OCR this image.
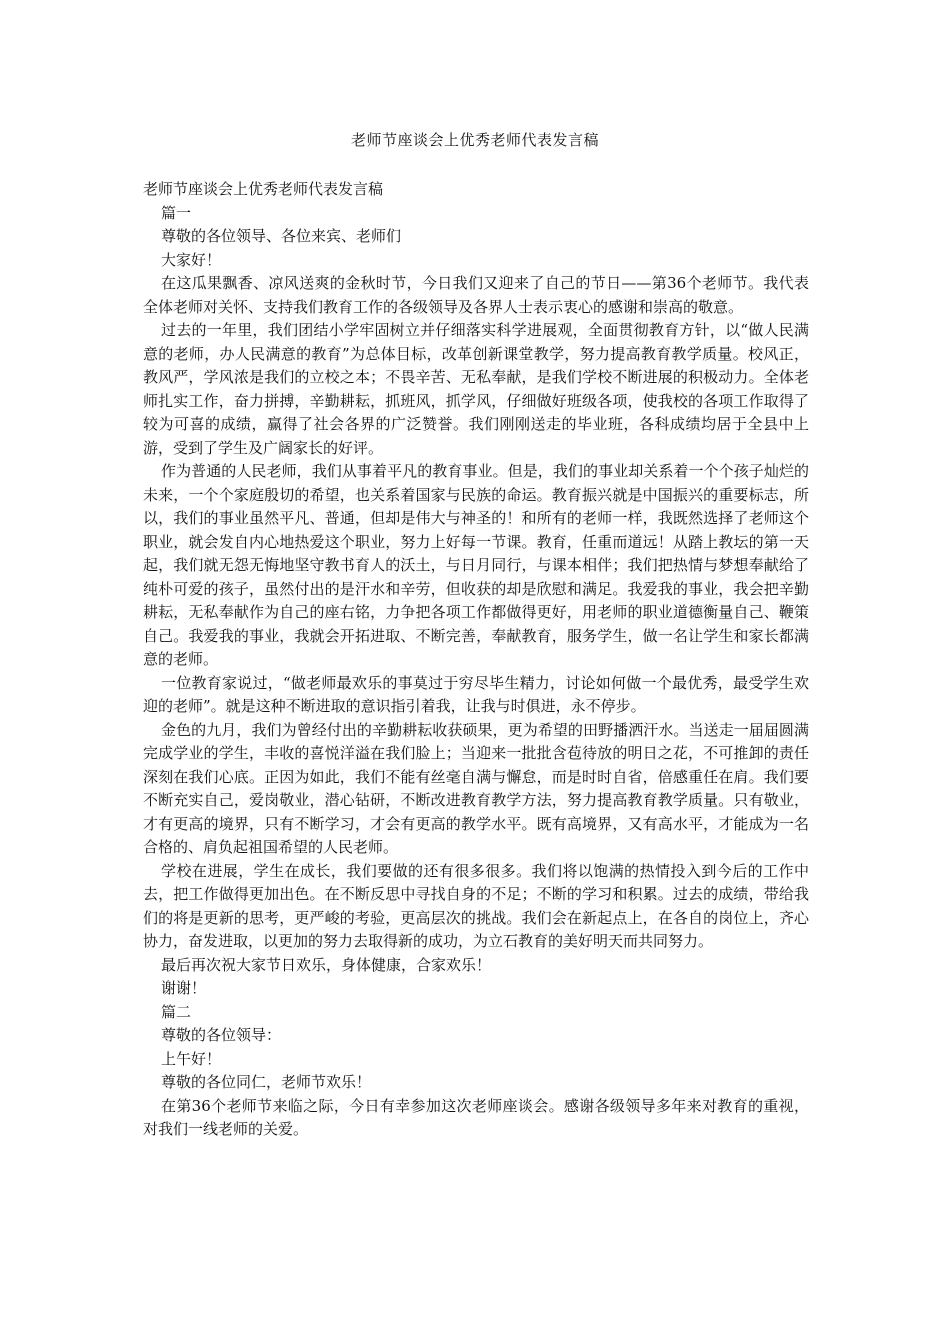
老师节座谈会上优秀老师代表发言稿

老师节座谈会上优秀老师代表发言稿

篇一

尊敬的各位领导、各位来宾、老师们

大家好！

在这瓜果飘香、凉风送爽的金秋时节，今日我们又迎来了自己的节日——第36个老师节。我代表全体老师对关怀、支持我们教育工作的各级领导及各界人士表示衷心的感谢和崇高的敬意。

过去的一年里，我们团结小学牢固树立并仔细落实科学进展观，全面贯彻教育方针，以“做人民满意的老师，办人民满意的教育”为总体目标，改革创新课堂教学，努力提高教育教学质量。校风正，教风严，学风浓是我们的立校之本；不畏辛苦、无私奉献，是我们学校不断进展的积极动力。全体老师扎实工作，奋力拼搏，辛勤耕耘，抓班风，抓学风，仔细做好班级各项，使我校的各项工作取得了较为可喜的成绩，赢得了社会各界的广泛赞誉。我们刚刚送走的毕业班，各科成绩均居于全县中上游，受到了学生及广阔家长的好评。

作为普通的人民老师，我们从事着平凡的教育事业。但是，我们的事业却关系着一个个孩子灿烂的未来，一个个家庭殷切的希望，也关系着国家与民族的命运。教育振兴就是中国振兴的重要标志，所以，我们的事业虽然平凡、普通，但却是伟大与神圣的！和所有的老师一样，我既然选择了老师这个职业，就会发自内心地热爱这个职业，努力上好每一节课。教育，任重而道远！从踏上教坛的第一天起，我们就无怨无悔地坚守教书育人的沃土，与日月同行，与课本相伴；我们把热情与梦想奉献给了纯朴可爱的孩子，虽然付出的是汗水和辛劳，但收获的却是欣慰和满足。我爱我的事业，我会把辛勤耕耘，无私奉献作为自己的座右铭，力争把各项工作都做得更好，用老师的职业道德衡量自己、鞭策自己。我爱我的事业，我就会开拓进取、不断完善，奉献教育，服务学生，做一名让学生和家长都满意的老师。

一位教育家说过，“做老师最欢乐的事莫过于穷尽毕生精力，讨论如何做一个最优秀，最受学生欢迎的老师”。就是这种不断进取的意识指引着我，让我与时俱进，永不停步。

金色的九月，我们为曾经付出的辛勤耕耘收获硕果，更为希望的田野播洒汗水。当送走一届届圆满完成学业的学生，丰收的喜悦洋溢在我们脸上；当迎来一批批含苞待放的明日之花，不可推卸的责任深刻在我们心底。正因为如此，我们不能有丝毫自满与懈怠，而是时时自省，倍感重任在肩。我们要不断充实自己，爱岗敬业，潜心钻研，不断改进教育教学方法，努力提高教育教学质量。只有敬业，才有更高的境界，只有不断学习，才会有更高的教学水平。既有高境界，又有高水平，才能成为一名合格的、肩负起祖国希望的人民老师。

学校在进展，学生在成长，我们要做的还有很多很多。我们将以饱满的热情投入到今后的工作中去，把工作做得更加出色。在不断反思中寻找自身的不足；不断的学习和积累。过去的成绩，带给我们的将是更新的思考，更严峻的考验，更高层次的挑战。我们会在新起点上，在各自的岗位上，齐心协力，奋发进取，以更加的努力去取得新的成功，为立石教育的美好明天而共同努力。

最后再次祝大家节日欢乐，身体健康，合家欢乐！

谢谢！

篇二

尊敬的各位领导：

上午好！

尊敬的各位同仁，老师节欢乐！

在第36个老师节来临之际，今日有幸参加这次老师座谈会。感谢各级领导多年来对教育的重视，对我们一线老师的关爱。
